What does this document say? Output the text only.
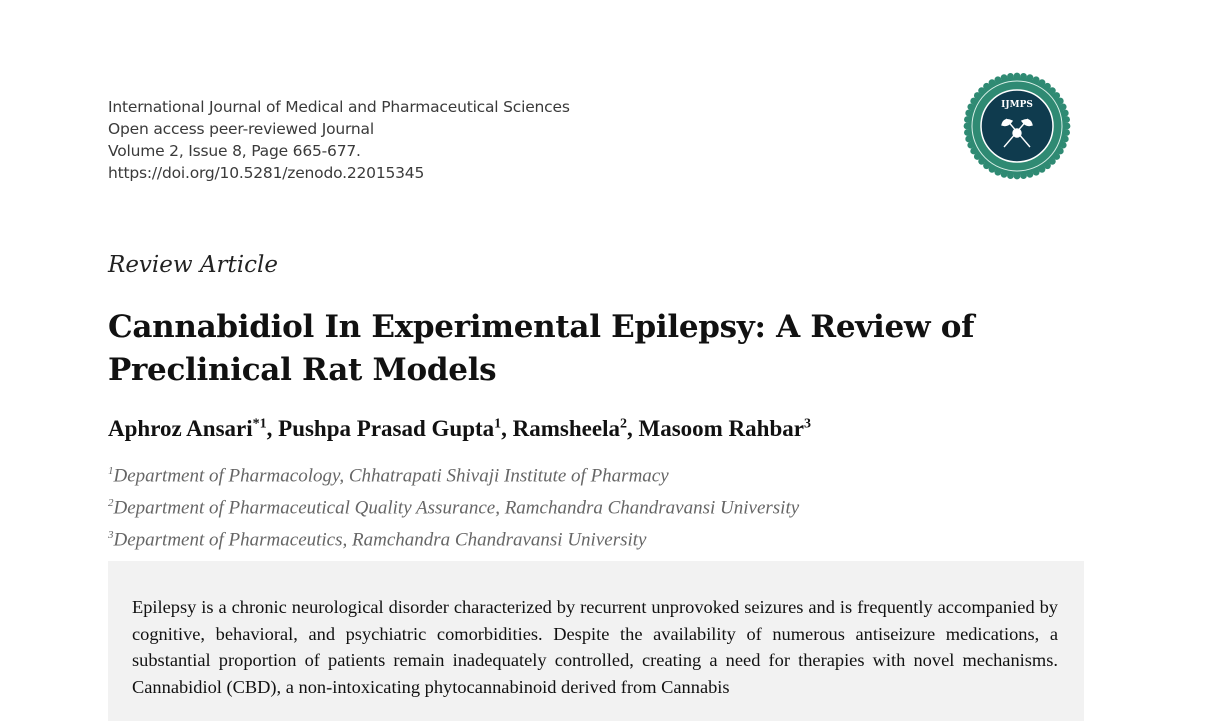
International Journal of Medical and Pharmaceutical Sciences
Open access peer-reviewed Journal
Volume 2, Issue 8, Page 665-677.
https://doi.org/10.5281/zenodo.22015345
IJMPS
Review Article
Cannabidiol In Experimental Epilepsy: A Review of Preclinical Rat Models
Aphroz Ansari$^{*1}$, Pushpa Prasad Gupta$^1$, Ramsheela$^2$, Masoom Rahbar$^3$
$^1$Department of Pharmacology, Chhatrapati Shivaji Institute of Pharmacy
$^2$Department of Pharmaceutical Quality Assurance, Ramchandra Chandravansi University
$^3$Department of Pharmaceutics, Ramchandra Chandravansi University

Epilepsy is a chronic neurological disorder characterized by recurrent unprovoked seizures and is frequently accompanied by cognitive, behavioral, and psychiatric comorbidities. Despite the availability of numerous antiseizure medications, a substantial proportion of patients remain inadequately controlled, creating a need for therapies with novel mechanisms. Cannabidiol (CBD), a non-intoxicating phytocannabinoid derived from Cannabis
